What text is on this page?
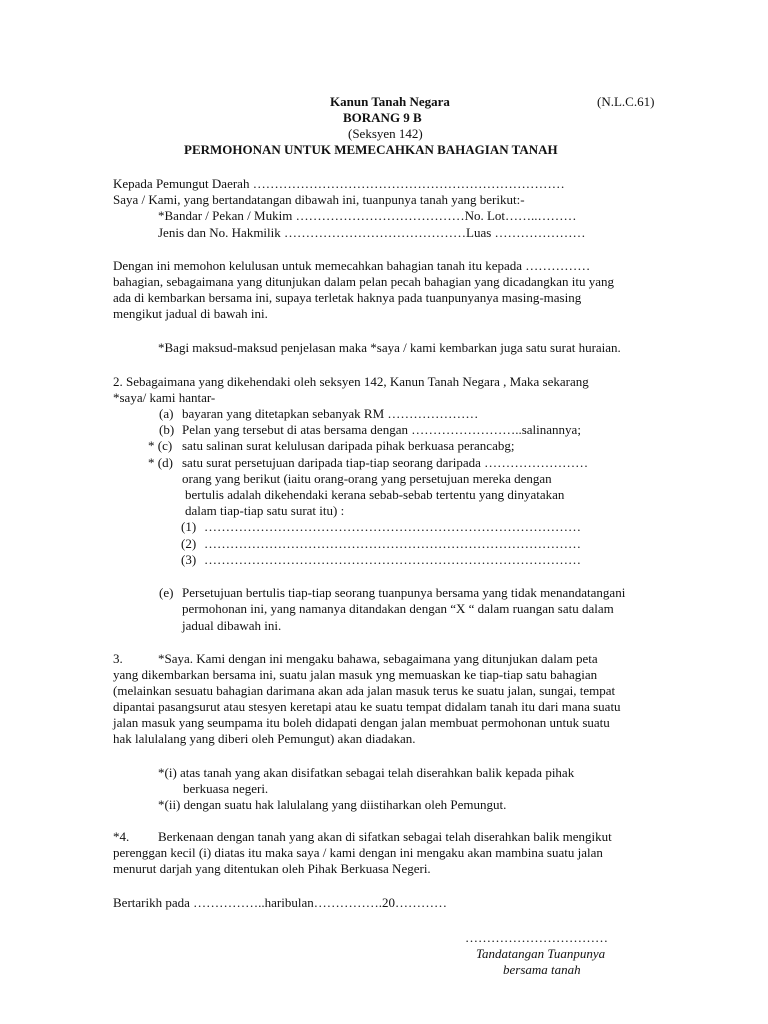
Kanun Tanah Negara	(N.L.C.61)
BORANG 9 B
(Seksyen 142)
PERMOHONAN UNTUK MEMECAHKAN BAHAGIAN TANAH
Kepada Pemungut Daerah ………………………………………………………………
Saya / Kami, yang bertandatangan dibawah ini, tuanpunya tanah yang berikut:-
*Bandar / Pekan / Mukim …………………………………No. Lot……..………
Jenis dan No. Hakmilik ……………………………………Luas …………………
Dengan ini memohon kelulusan untuk memecahkan bahagian tanah itu kepada ……………
bahagian, sebagaimana yang ditunjukan dalam pelan pecah bahagian yang dicadangkan itu yang
ada di kembarkan bersama ini, supaya terletak haknya pada tuanpunyanya masing-masing
mengikut jadual di bawah ini.
*Bagi maksud-maksud penjelasan maka *saya / kami kembarkan juga satu surat huraian.
2. Sebagaimana yang dikehendaki oleh seksyen 142, Kanun Tanah Negara , Maka sekarang
*saya/ kami hantar-
(a) bayaran yang ditetapkan sebanyak RM …………………
(b) Pelan yang tersebut di atas bersama dengan ……………………..salinannya;
* (c) satu salinan surat kelulusan daripada pihak berkuasa perancabg;
* (d) satu surat persetujuan daripada tiap-tiap seorang daripada ……………………
orang yang berikut (iaitu orang-orang yang persetujuan mereka dengan
bertulis adalah dikehendaki kerana sebab-sebab tertentu yang dinyatakan
dalam tiap-tiap satu surat itu) :
(1) ……………………………………………………………………………
(2) ……………………………………………………………………………
(3) ……………………………………………………………………………
(e) Persetujuan bertulis tiap-tiap seorang tuanpunya bersama yang tidak menandatangani
permohonan ini, yang namanya ditandakan dengan “X “ dalam ruangan satu dalam
jadual dibawah ini.
3.	*Saya. Kami dengan ini mengaku bahawa, sebagaimana yang ditunjukan dalam peta
yang dikembarkan bersama ini, suatu jalan masuk yng memuaskan ke tiap-tiap satu bahagian
(melainkan sesuatu bahagian darimana akan ada jalan masuk terus ke suatu jalan, sungai, tempat
dipantai pasangsurut atau stesyen keretapi atau ke suatu tempat didalam tanah itu dari mana suatu
jalan masuk yang seumpama itu boleh didapati dengan jalan membuat permohonan untuk suatu
hak lalulalang yang diberi oleh Pemungut) akan diadakan.
*(i) atas tanah yang akan disifatkan sebagai telah diserahkan balik kepada pihak
berkuasa negeri.
*(ii) dengan suatu hak lalulalang yang diistiharkan oleh Pemungut.
*4. Berkenaan dengan tanah yang akan di sifatkan sebagai telah diserahkan balik mengikut
perenggan kecil (i) diatas itu maka saya / kami dengan ini mengaku akan mambina suatu jalan
menurut darjah yang ditentukan oleh Pihak Berkuasa Negeri.
Bertarikh pada ……………..haribulan…………….20…………
……………………………
Tandatangan Tuanpunya
bersama tanah
